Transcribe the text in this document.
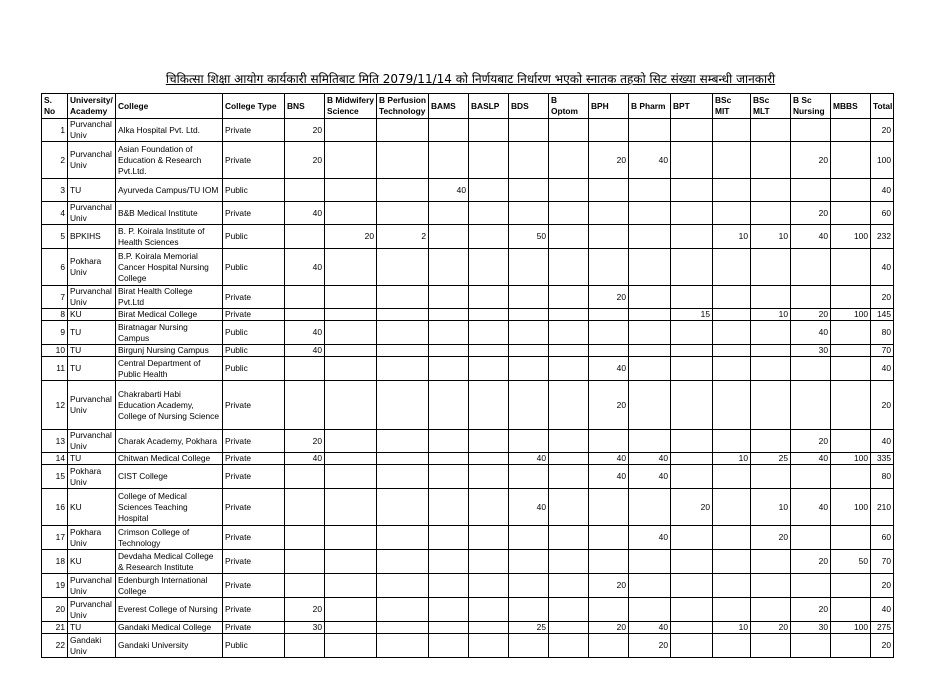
चिकित्सा शिक्षा आयोग कार्यकारी समितिबाट मिति 2079/11/14 को निर्णयबाट निर्धारण भएको स्नातक तहको सिट संख्या सम्बन्धी जानकारी
S. No	University/ Academy	College	College Type	BNS	B Midwifery Science	B Perfusion Technology	BAMS	BASLP	BDS	B Optom	BPH	B Pharm	BPT	BSc MIT	BSc MLT	B Sc Nursing	MBBS	Total
1	Purvanchal Univ	Alka Hospital Pvt. Ltd.	Private	20														20
2	Purvanchal Univ	Asian Foundation of Education & Research Pvt.Ltd.	Private	20							20	40				20		100
3	TU	Ayurveda Campus/TU IOM	Public				40											40
4	Purvanchal Univ	B&B Medical Institute	Private	40												20		60
5	BPKIHS	B. P. Koirala Institute of Health Sciences	Public		20	2			50					10	10	40	100	232
6	Pokhara Univ	B.P. Koirala Memorial Cancer Hospital Nursing College	Public	40														40
7	Purvanchal Univ	Birat Health College Pvt.Ltd	Private								20							20
8	KU	Birat Medical College	Private										15		10	20	100	145
9	TU	Biratnagar Nursing Campus	Public	40												40		80
10	TU	Birgunj Nursing Campus	Public	40												30		70
11	TU	Central Department of Public Health	Public								40							40
12	Purvanchal Univ	Chakrabarti Habi Education Academy, College of Nursing Science	Private								20							20
13	Purvanchal Univ	Charak Academy, Pokhara	Private	20												20		40
14	TU	Chitwan Medical College	Private	40					40		40	40		10	25	40	100	335
15	Pokhara Univ	CIST College	Private								40	40						80
16	KU	College of Medical Sciences Teaching Hospital	Private						40				20		10	40	100	210
17	Pokhara Univ	Crimson College of Technology	Private									40			20			60
18	KU	Devdaha Medical College & Research Institute	Private													20	50	70
19	Purvanchal Univ	Edenburgh International College	Private								20							20
20	Purvanchal Univ	Everest College of Nursing	Private	20												20		40
21	TU	Gandaki Medical College	Private	30					25		20	40		10	20	30	100	275
22	Gandaki Univ	Gandaki University	Public									20						20
